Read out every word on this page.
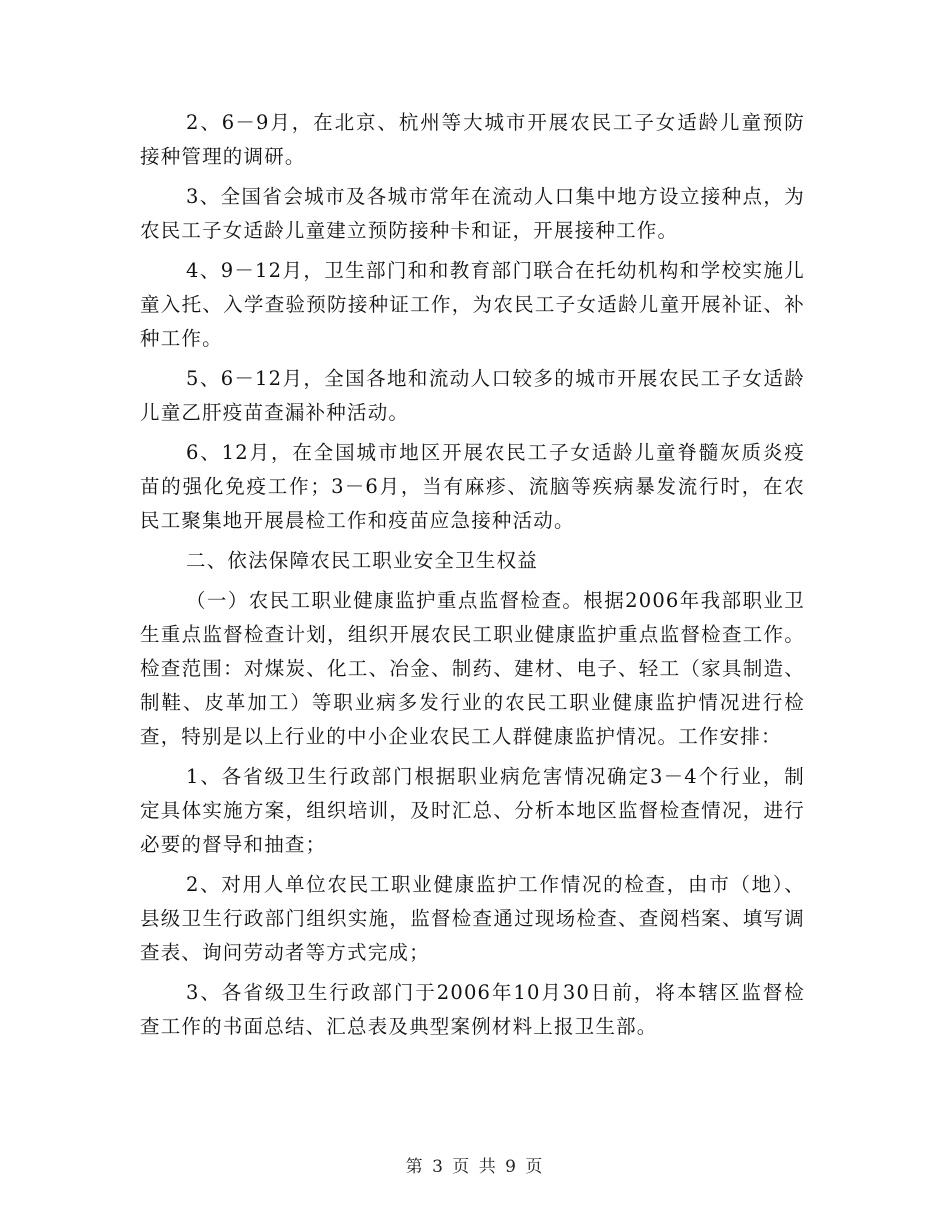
2、6－9月，在北京、杭州等大城市开展农民工子女适龄儿童预防接种管理的调研。

3、全国省会城市及各城市常年在流动人口集中地方设立接种点，为农民工子女适龄儿童建立预防接种卡和证，开展接种工作。

4、9－12月，卫生部门和和教育部门联合在托幼机构和学校实施儿童入托、入学查验预防接种证工作，为农民工子女适龄儿童开展补证、补种工作。

5、6－12月，全国各地和流动人口较多的城市开展农民工子女适龄儿童乙肝疫苗查漏补种活动。

6、12月，在全国城市地区开展农民工子女适龄儿童脊髓灰质炎疫苗的强化免疫工作；3－6月，当有麻疹、流脑等疾病暴发流行时，在农民工聚集地开展晨检工作和疫苗应急接种活动。

二、依法保障农民工职业安全卫生权益

（一）农民工职业健康监护重点监督检查。根据2006年我部职业卫生重点监督检查计划，组织开展农民工职业健康监护重点监督检查工作。检查范围：对煤炭、化工、冶金、制药、建材、电子、轻工（家具制造、制鞋、皮革加工）等职业病多发行业的农民工职业健康监护情况进行检查，特别是以上行业的中小企业农民工人群健康监护情况。工作安排：

1、各省级卫生行政部门根据职业病危害情况确定3－4个行业，制定具体实施方案，组织培训，及时汇总、分析本地区监督检查情况，进行必要的督导和抽查；

2、对用人单位农民工职业健康监护工作情况的检查，由市（地）、县级卫生行政部门组织实施，监督检查通过现场检查、查阅档案、填写调查表、询问劳动者等方式完成；

3、各省级卫生行政部门于2006年10月30日前，将本辖区监督检查工作的书面总结、汇总表及典型案例材料上报卫生部。

第 3 页 共 9 页
